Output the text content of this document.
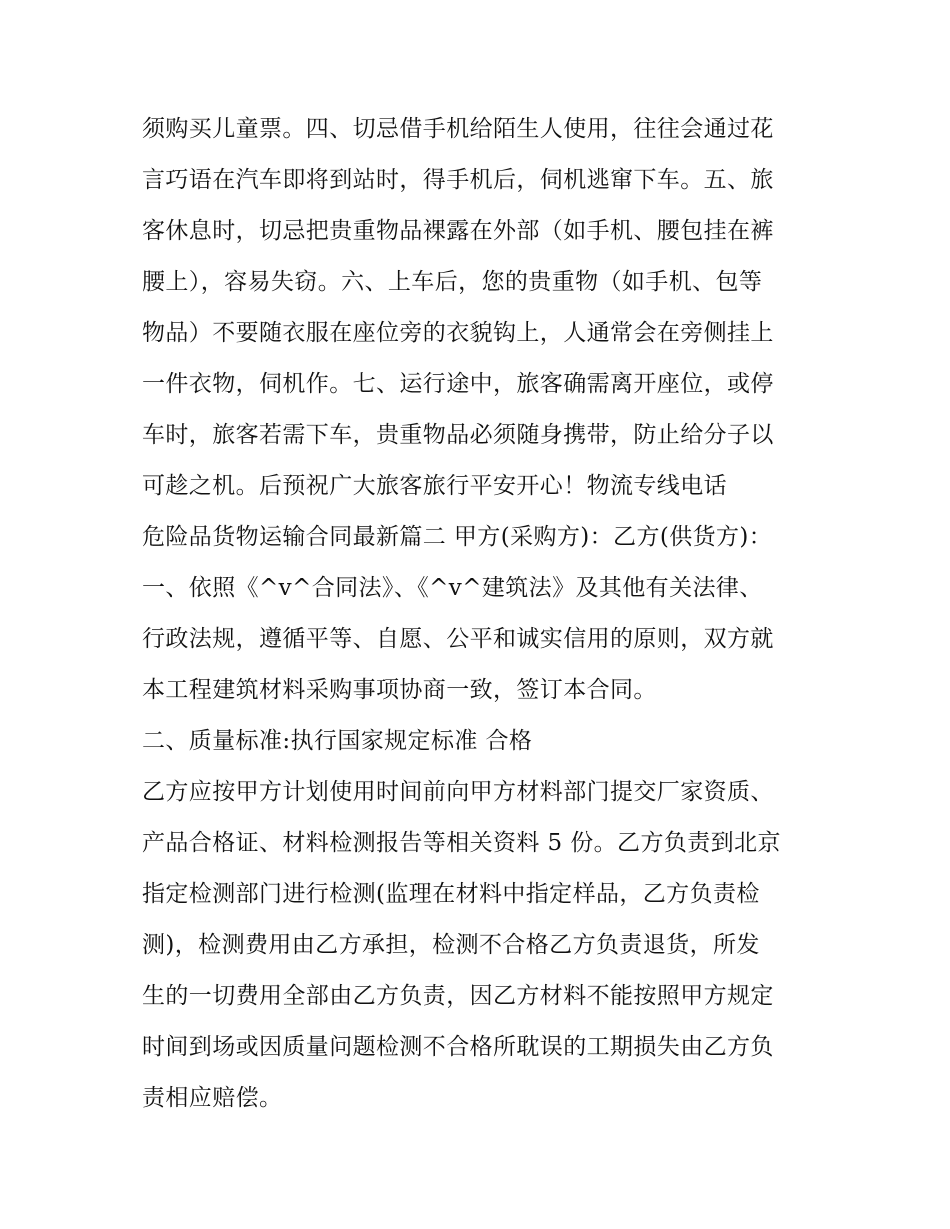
须购买儿童票。四、切忌借手机给陌生人使用，往往会通过花
言巧语在汽车即将到站时，得手机后，伺机逃窜下车。五、旅
客休息时，切忌把贵重物品裸露在外部（如手机、腰包挂在裤
腰上），容易失窃。六、上车后，您的贵重物（如手机、包等
物品）不要随衣服在座位旁的衣貌钩上，人通常会在旁侧挂上
一件衣物，伺机作。七、运行途中，旅客确需离开座位，或停
车时，旅客若需下车，贵重物品必须随身携带，防止给分子以
可趁之机。后预祝广大旅客旅行平安开心！物流专线电话
危险品货物运输合同最新篇二 甲方(采购方)：乙方(供货方)：
一、依照《^v^合同法》、《^v^建筑法》及其他有关法律、
行政法规，遵循平等、自愿、公平和诚实信用的原则，双方就
本工程建筑材料采购事项协商一致，签订本合同。
二、质量标准:执行国家规定标准 合格
乙方应按甲方计划使用时间前向甲方材料部门提交厂家资质、
产品合格证、材料检测报告等相关资料 5 份。乙方负责到北京
指定检测部门进行检测(监理在材料中指定样品，乙方负责检
测)，检测费用由乙方承担，检测不合格乙方负责退货，所发
生的一切费用全部由乙方负责，因乙方材料不能按照甲方规定
时间到场或因质量问题检测不合格所耽误的工期损失由乙方负
责相应赔偿。
